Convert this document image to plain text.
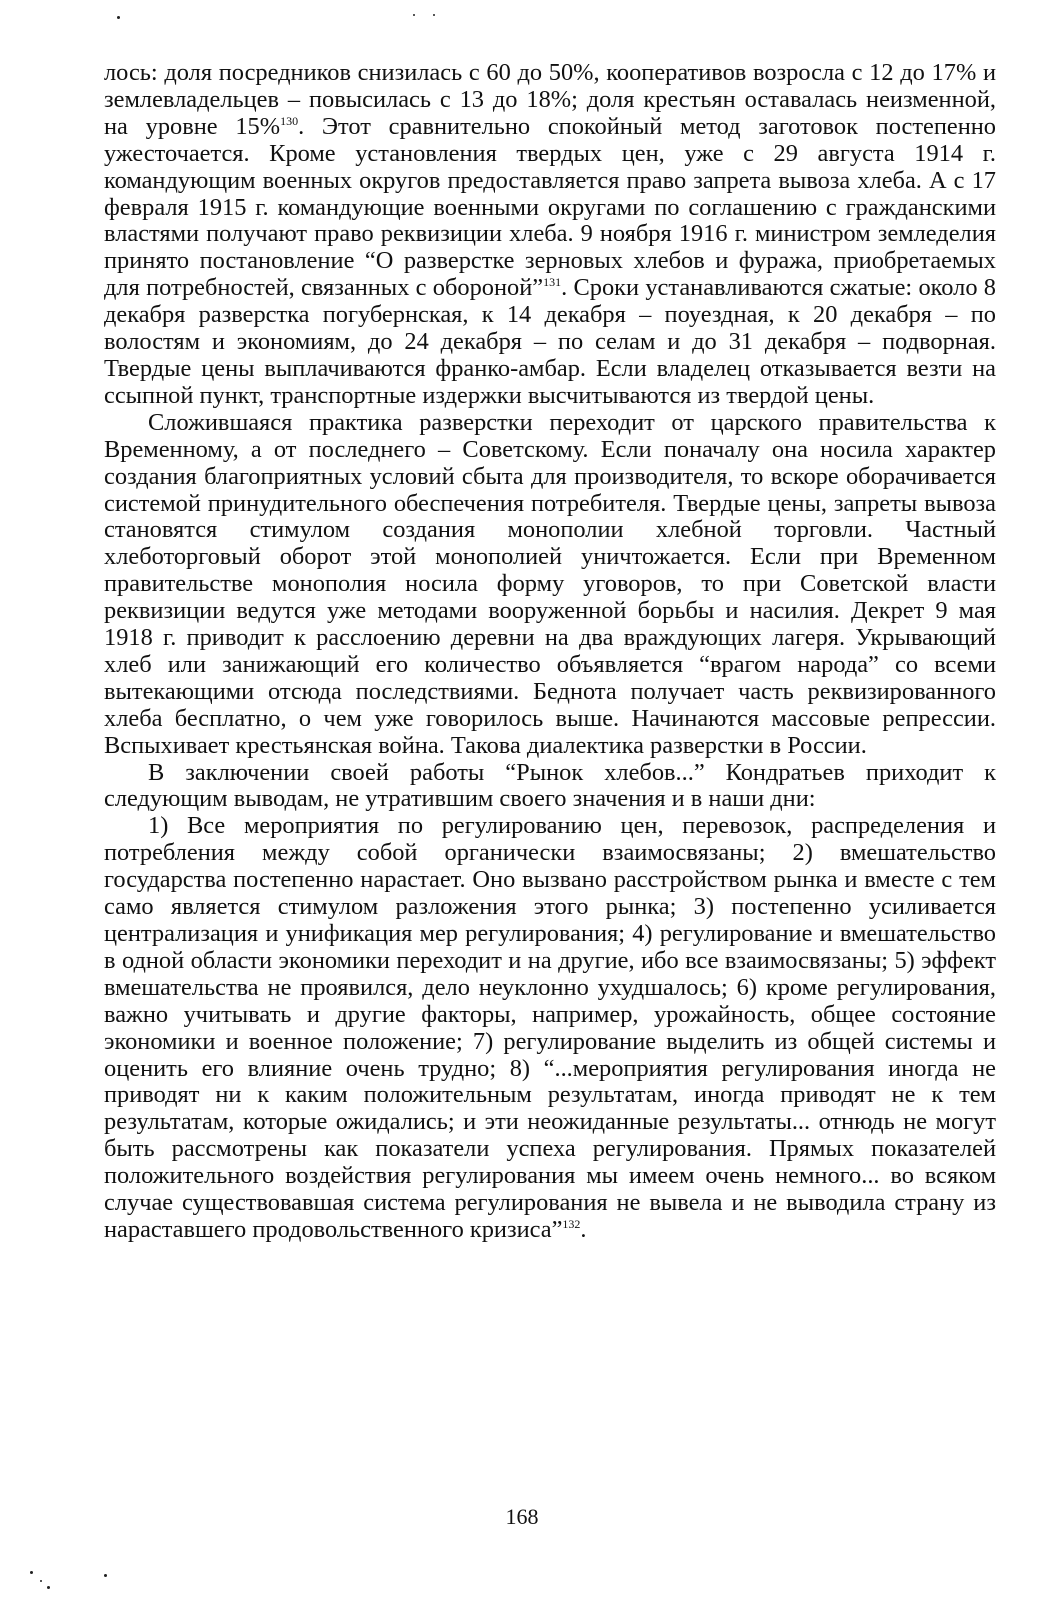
лось: доля посредников снизилась с 60 до 50%, кооперативов возросла с 12 до 17% и землевладельцев – повысилась с 13 до 18%; доля крестьян оставалась неизменной, на уровне 15%$^{130}$. Этот сравнительно спокойный метод заготовок постепенно ужесточается. Кроме установления твердых цен, уже с 29 августа 1914 г. командующим военных округов предоставляется право запрета вывоза хлеба. А с 17 февраля 1915 г. командующие военными округами по соглашению с гражданскими властями получают право реквизиции хлеба. 9 ноября 1916 г. министром земледелия принято постановление “О разверстке зерновых хлебов и фуража, приобретаемых для потребностей, связанных с обороной”$^{131}$. Сроки устанавливаются сжатые: около 8 декабря разверстка погубернская, к 14 декабря – поуездная, к 20 декабря – по волостям и экономиям, до 24 декабря – по селам и до 31 декабря – подворная. Твердые цены выплачиваются франко-амбар. Если владелец отказывается везти на ссыпной пункт, транспортные издержки высчитываются из твердой цены.

Сложившаяся практика разверстки переходит от царского правительства к Временному, а от последнего – Советскому. Если поначалу она носила характер создания благоприятных условий сбыта для производителя, то вскоре оборачивается системой принудительного обеспечения потребителя. Твердые цены, запреты вывоза становятся стимулом создания монополии хлебной торговли. Частный хлеботорговый оборот этой монополией уничтожается. Если при Временном правительстве монополия носила форму уговоров, то при Советской власти реквизиции ведутся уже методами вооруженной борьбы и насилия. Декрет 9 мая 1918 г. приводит к расслоению деревни на два враждующих лагеря. Укрывающий хлеб или занижающий его количество объявляется “врагом народа” со всеми вытекающими отсюда последствиями. Беднота получает часть реквизированного хлеба бесплатно, о чем уже говорилось выше. Начинаются массовые репрессии. Вспыхивает крестьянская война. Такова диалектика разверстки в России.

В заключении своей работы “Рынок хлебов...” Кондратьев приходит к следующим выводам, не утратившим своего значения и в наши дни:

1) Все мероприятия по регулированию цен, перевозок, распределения и потребления между собой органически взаимосвязаны; 2) вмешательство государства постепенно нарастает. Оно вызвано расстройством рынка и вместе с тем само является стимулом разложения этого рынка; 3) постепенно усиливается централизация и унификация мер регулирования; 4) регулирование и вмешательство в одной области экономики переходит и на другие, ибо все взаимосвязаны; 5) эффект вмешательства не проявился, дело неуклонно ухудшалось; 6) кроме регулирования, важно учитывать и другие факторы, например, урожайность, общее состояние экономики и военное положение; 7) регулирование выделить из общей системы и оценить его влияние очень трудно; 8) “...мероприятия регулирования иногда не приводят ни к каким положительным результатам, иногда приводят не к тем результатам, которые ожидались; и эти неожиданные результаты... отнюдь не могут быть рассмотрены как показатели успеха регулирования. Прямых показателей положительного воздействия регулирования мы имеем очень немного... во всяком случае существовавшая система регулирования не вывела и не выводила страну из нараставшего продовольственного кризиса”$^{132}$.

168
